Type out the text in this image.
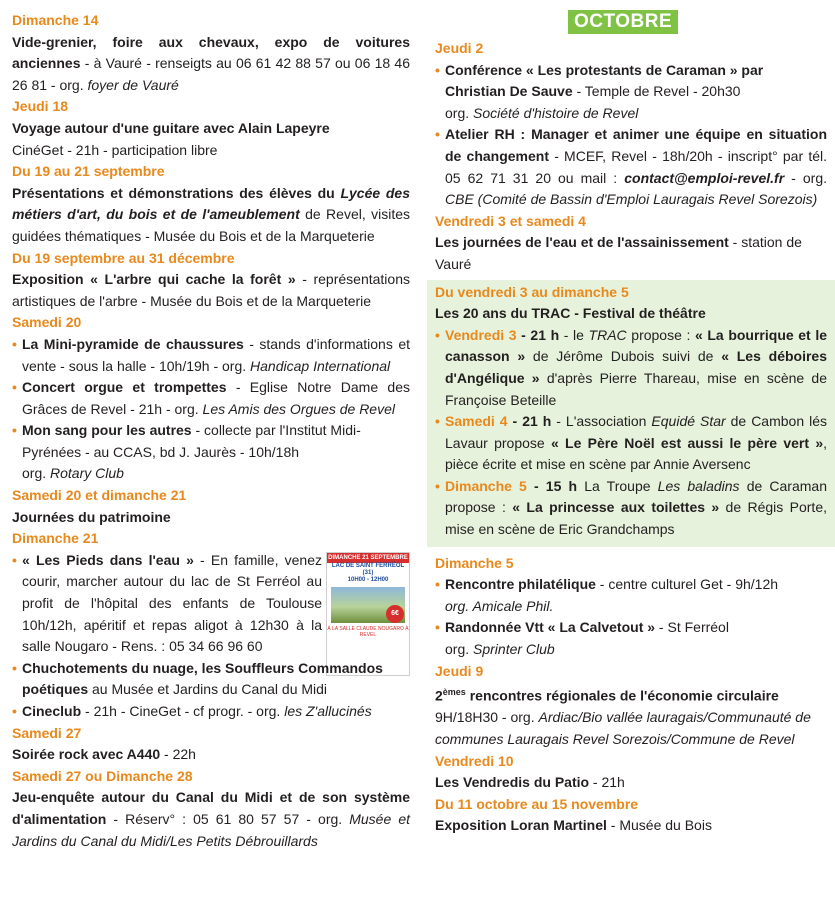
Dimanche 14

Vide-grenier, foire aux chevaux, expo de voitures anciennes - à Vauré - renseigts au 06 61 42 88 57 ou 06 18 46 26 81 - org. foyer de Vauré

Jeudi 18

Voyage autour d'une guitare avec Alain Lapeyre
CinéGet - 21h - participation libre

Du 19 au 21 septembre

Présentations et démonstrations des élèves du Lycée des métiers d'art, du bois et de l'ameublement de Revel, visites guidées thématiques - Musée du Bois et de la Marqueterie

Du 19 septembre au 31 décembre

Exposition « L'arbre qui cache la forêt » - représentations artistiques de l'arbre - Musée du Bois et de la Marqueterie

Samedi 20

• La Mini-pyramide de chaussures - stands d'informations et vente - sous la halle - 10h/19h - org. Handicap International

• Concert orgue et trompettes - Eglise Notre Dame des Grâces de Revel - 21h - org. Les Amis des Orgues de Revel

• Mon sang pour les autres - collecte par l'Institut Midi-Pyrénées - au CCAS, bd J. Jaurès - 10h/18h
org. Rotary Club

Samedi 20 et dimanche 21

Journées du patrimoine

Dimanche 21

DIMANCHE 21 SEPTEMBRE
LAC DE SAINT FERRÉOL (31)
10H00 - 12H00
6€
À LA SALLE CLAUDE NOUGARO À REVEL

• « Les Pieds dans l'eau » - En famille, venez courir, marcher autour du lac de St Ferréol au profit de l'hôpital des enfants de Toulouse 10h/12h, apéritif et repas aligot à 12h30 à la salle Nougaro - Rens. : 05 34 66 96 60

• Chuchotements du nuage, les Souffleurs Commandos poétiques au Musée et Jardins du Canal du Midi

• Cineclub - 21h - CineGet - cf progr. - org. les Z'allucinés

Samedi 27

Soirée rock avec A440 - 22h

Samedi 27 ou Dimanche 28

Jeu-enquête autour du Canal du Midi et de son système d'alimentation - Réserv° : 05 61 80 57 57 - org. Musée et Jardins du Canal du Midi/Les Petits Débrouillards

OCTOBRE

Jeudi 2

• Conférence « Les protestants de Caraman » par Christian De Sauve - Temple de Revel - 20h30
org. Société d'histoire de Revel

• Atelier RH : Manager et animer une équipe en situation de changement - MCEF, Revel - 18h/20h - inscript° par tél. 05 62 71 31 20 ou mail : contact@emploi-revel.fr - org. CBE (Comité de Bassin d'Emploi Lauragais Revel Sorezois)

Vendredi 3 et samedi 4

Les journées de l'eau et de l'assainissement - station de Vauré

Du vendredi 3 au dimanche 5

Les 20 ans du TRAC - Festival de théâtre

• Vendredi 3 - 21 h - le TRAC propose : « La bourrique et le canasson » de Jérôme Dubois suivi de « Les déboires d'Angélique » d'après Pierre Thareau, mise en scène de Françoise Beteille

• Samedi 4 - 21 h - L'association Equidé Star de Cambon lés Lavaur propose « Le Père Noël est aussi le père vert », pièce écrite et mise en scène par Annie Aversenc

• Dimanche 5 - 15 h La Troupe Les baladins de Caraman propose : « La princesse aux toilettes » de Régis Porte, mise en scène de Eric Grandchamps

Dimanche 5

• Rencontre philatélique - centre culturel Get - 9h/12h
org. Amicale Phil.

• Randonnée Vtt « La Calvetout » - St Ferréol
org. Sprinter Club

Jeudi 9

2èmes rencontres régionales de l'économie circulaire
9H/18H30 - org. Ardiac/Bio vallée lauragais/Communauté de communes Lauragais Revel Sorezois/Commune de Revel

Vendredi 10

Les Vendredis du Patio - 21h

Du 11 octobre au 15 novembre

Exposition Loran Martinel - Musée du Bois
